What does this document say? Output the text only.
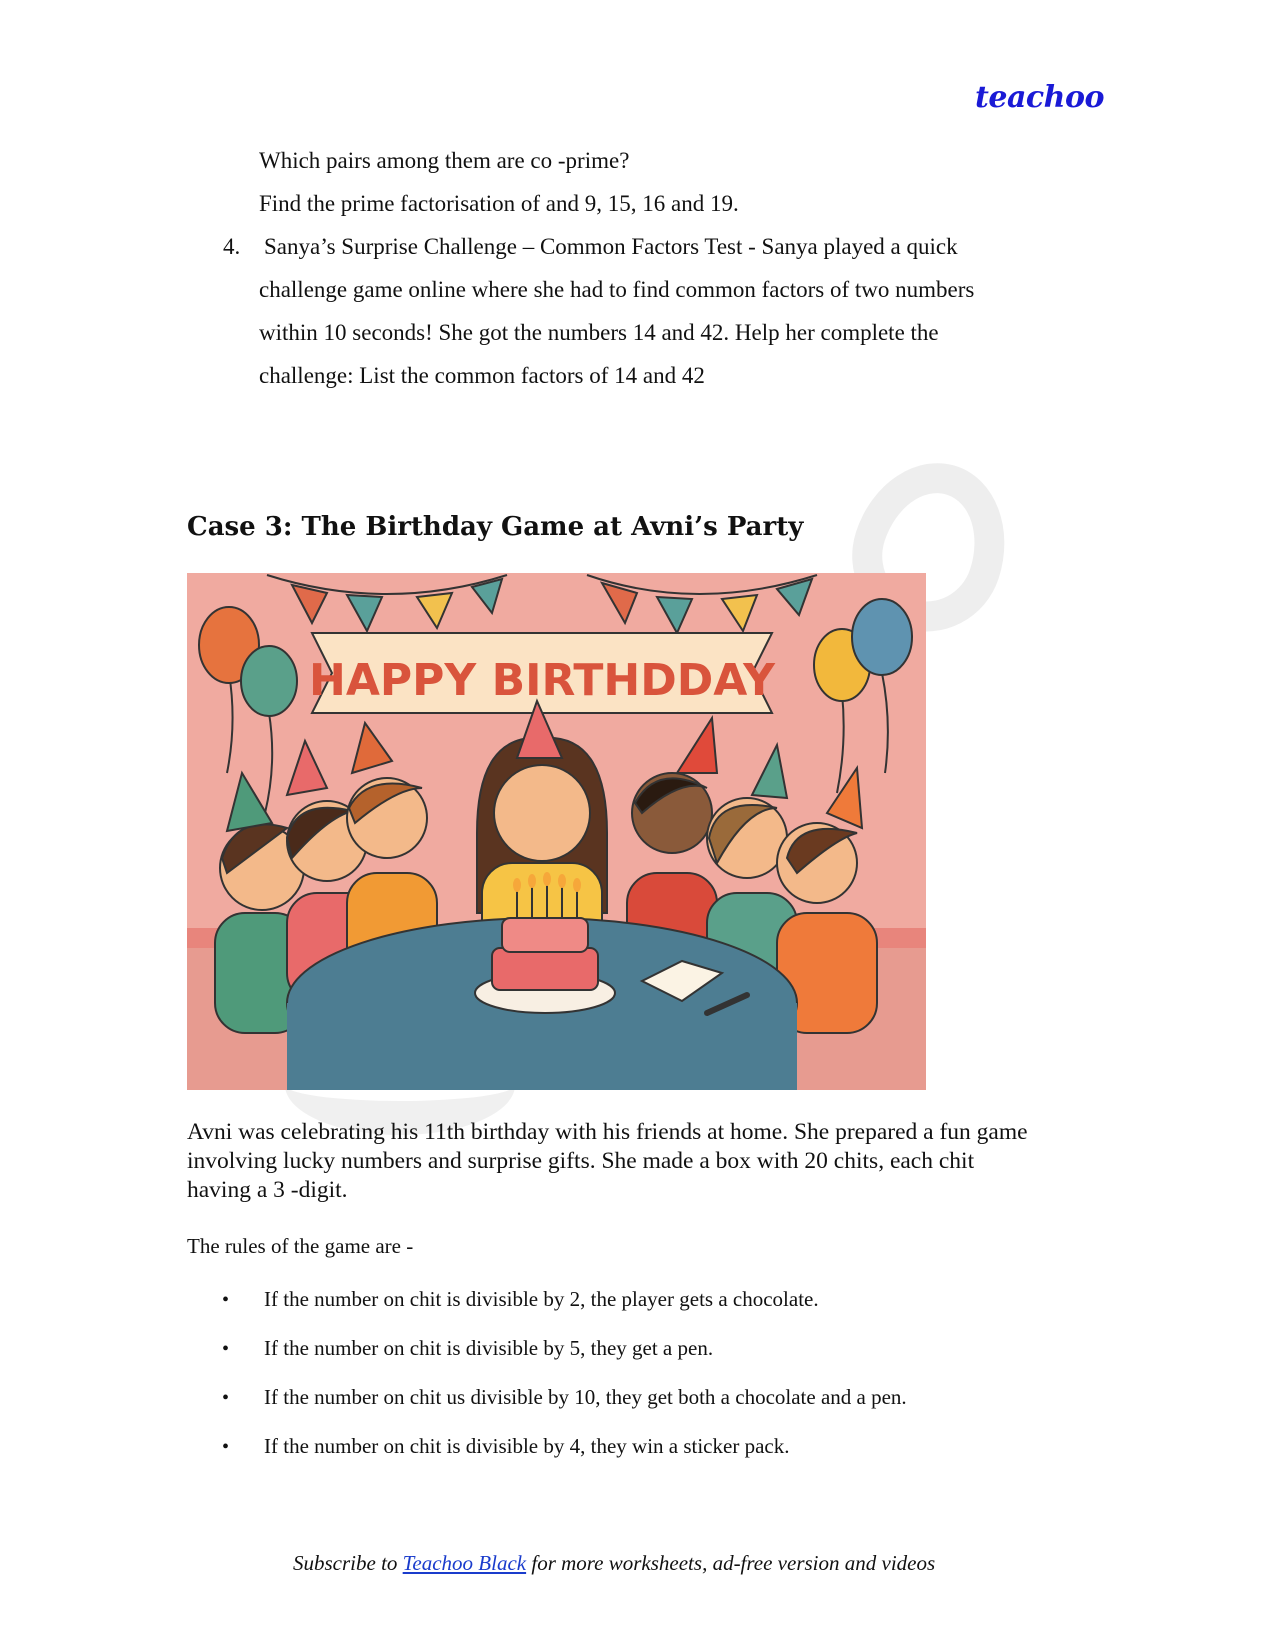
teachoo
Which pairs among them are co -prime?
Find the prime factorisation of and 9, 15, 16 and 19.
4. Sanya’s Surprise Challenge – Common Factors Test - Sanya played a quick
challenge game online where she had to find common factors of two numbers
within 10 seconds! She got the numbers 14 and 42. Help her complete the
challenge: List the common factors of 14 and 42
Case 3: The Birthday Game at Avni’s Party
HAPPY BIRTHDDAY
Avni was celebrating his 11th birthday with his friends at home. She prepared a fun game
involving lucky numbers and surprise gifts. She made a box with 20 chits, each chit
having a 3 -digit.
The rules of the game are -
• If the number on chit is divisible by 2, the player gets a chocolate.
• If the number on chit is divisible by 5, they get a pen.
• If the number on chit us divisible by 10, they get both a chocolate and a pen.
• If the number on chit is divisible by 4, they win a sticker pack.
Subscribe to Teachoo Black for more worksheets, ad-free version and videos
